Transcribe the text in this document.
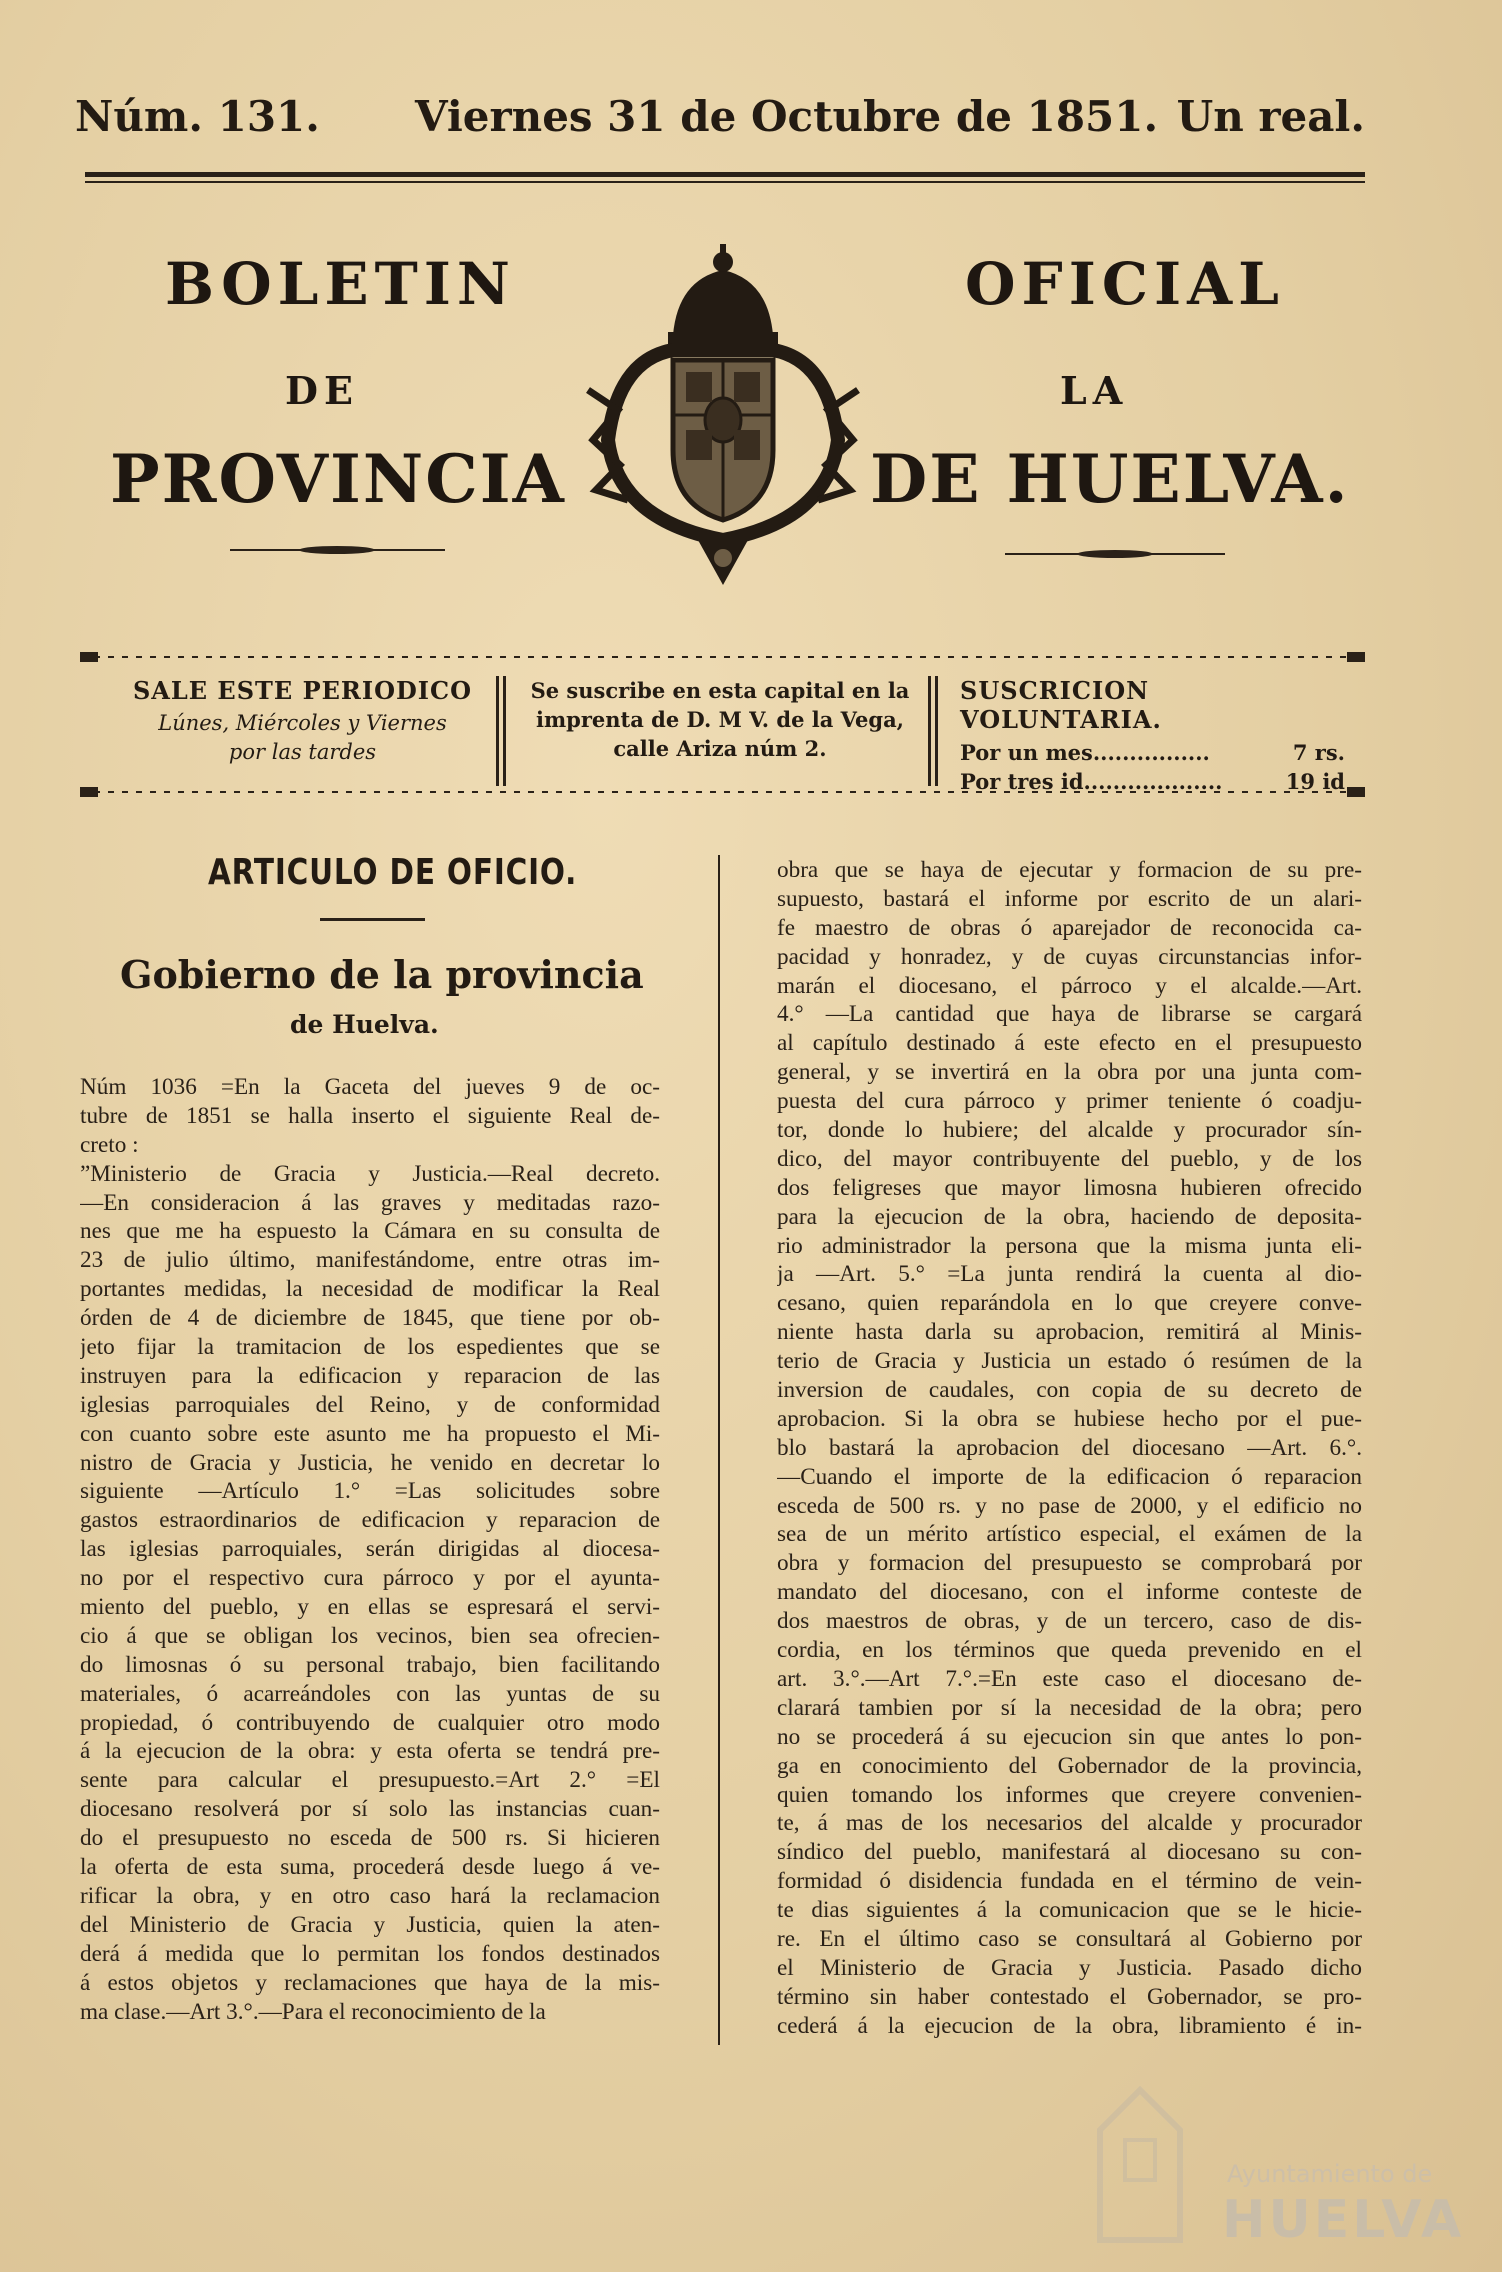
Núm. 131. Viernes 31 de Octubre de 1851. Un real.
BOLETIN	OFICIAL
DE	LA
PROVINCIA	DE HUELVA.
SALE ESTE PERIODICO
Lúnes, Miércoles y Viernes
por las tardes
Se suscribe en esta capital en la
imprenta de D. M V. de la Vega,
calle Ariza núm 2.
SUSCRICION VOLUNTARIA.
Por un mes................	7 rs.
Por tres id...................	19 id
ARTICULO DE OFICIO.
Gobierno de la provincia
de Huelva.
Núm 1036 =En la Gaceta del jueves 9 de oc-
tubre de 1851 se halla inserto el siguiente Real de-
creto :
”Ministerio de Gracia y Justicia.—Real decreto.
—En consideracion á las graves y meditadas razo-
nes que me ha espuesto la Cámara en su consulta de
23 de julio último, manifestándome, entre otras im-
portantes medidas, la necesidad de modificar la Real
órden de 4 de diciembre de 1845, que tiene por ob-
jeto fijar la tramitacion de los espedientes que se
instruyen para la edificacion y reparacion de las
iglesias parroquiales del Reino, y de conformidad
con cuanto sobre este asunto me ha propuesto el Mi-
nistro de Gracia y Justicia, he venido en decretar lo
siguiente —Artículo 1.° =Las solicitudes sobre
gastos estraordinarios de edificacion y reparacion de
las iglesias parroquiales, serán dirigidas al diocesa-
no por el respectivo cura párroco y por el ayunta-
miento del pueblo, y en ellas se espresará el servi-
cio á que se obligan los vecinos, bien sea ofrecien-
do limosnas ó su personal trabajo, bien facilitando
materiales, ó acarreándoles con las yuntas de su
propiedad, ó contribuyendo de cualquier otro modo
á la ejecucion de la obra: y esta oferta se tendrá pre-
sente para calcular el presupuesto.=Art 2.° =El
diocesano resolverá por sí solo las instancias cuan-
do el presupuesto no esceda de 500 rs. Si hicieren
la oferta de esta suma, procederá desde luego á ve-
rificar la obra, y en otro caso hará la reclamacion
del Ministerio de Gracia y Justicia, quien la aten-
derá á medida que lo permitan los fondos destinados
á estos objetos y reclamaciones que haya de la mis-
ma clase.—Art 3.°.—Para el reconocimiento de la
obra que se haya de ejecutar y formacion de su pre-
supuesto, bastará el informe por escrito de un alari-
fe maestro de obras ó aparejador de reconocida ca-
pacidad y honradez, y de cuyas circunstancias infor-
marán el diocesano, el párroco y el alcalde.—Art.
4.° —La cantidad que haya de librarse se cargará
al capítulo destinado á este efecto en el presupuesto
general, y se invertirá en la obra por una junta com-
puesta del cura párroco y primer teniente ó coadju-
tor, donde lo hubiere; del alcalde y procurador sín-
dico, del mayor contribuyente del pueblo, y de los
dos feligreses que mayor limosna hubieren ofrecido
para la ejecucion de la obra, haciendo de deposita-
rio administrador la persona que la misma junta eli-
ja —Art. 5.° =La junta rendirá la cuenta al dio-
cesano, quien reparándola en lo que creyere conve-
niente hasta darla su aprobacion, remitirá al Minis-
terio de Gracia y Justicia un estado ó resúmen de la
inversion de caudales, con copia de su decreto de
aprobacion. Si la obra se hubiese hecho por el pue-
blo bastará la aprobacion del diocesano —Art. 6.°.
—Cuando el importe de la edificacion ó reparacion
esceda de 500 rs. y no pase de 2000, y el edificio no
sea de un mérito artístico especial, el exámen de la
obra y formacion del presupuesto se comprobará por
mandato del diocesano, con el informe conteste de
dos maestros de obras, y de un tercero, caso de dis-
cordia, en los términos que queda prevenido en el
art. 3.°.—Art 7.°.=En este caso el diocesano de-
clarará tambien por sí la necesidad de la obra; pero
no se procederá á su ejecucion sin que antes lo pon-
ga en conocimiento del Gobernador de la provincia,
quien tomando los informes que creyere convenien-
te, á mas de los necesarios del alcalde y procurador
síndico del pueblo, manifestará al diocesano su con-
formidad ó disidencia fundada en el término de vein-
te dias siguientes á la comunicacion que se le hicie-
re. En el último caso se consultará al Gobierno por
el Ministerio de Gracia y Justicia. Pasado dicho
término sin haber contestado el Gobernador, se pro-
cederá á la ejecucion de la obra, libramiento é in-
Ayuntamiento de
HUELVA
